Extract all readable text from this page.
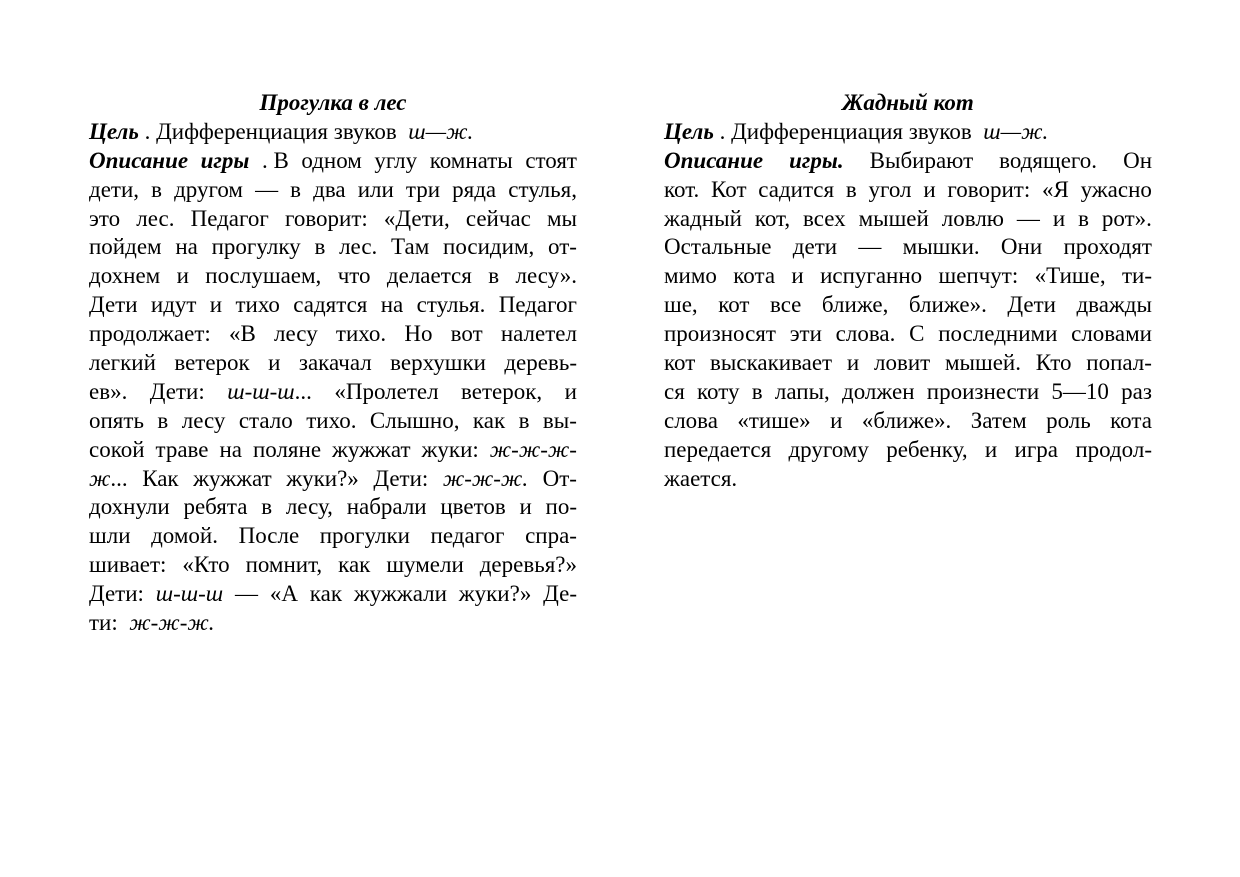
Прогулка в лес

Цель . Дифференциация звуков ш—ж.
Описание игры . В одном углу комнаты стоят
дети, в другом — в два или три ряда стулья,
это лес. Педагог говорит: «Дети, сейчас мы
пойдем на прогулку в лес. Там посидим, от-
дохнем и послушаем, что делается в лесу».
Дети идут и тихо садятся на стулья. Педагог
продолжает: «В лесу тихо. Но вот налетел
легкий ветерок и закачал верхушки деревь-
ев». Дети: ш-ш-ш... «Пролетел ветерок, и
опять в лесу стало тихо. Слышно, как в вы-
сокой траве на поляне жужжат жуки: ж-ж-ж-
ж... Как жужжат жуки?» Дети: ж-ж-ж. От-
дохнули ребята в лесу, набрали цветов и по-
шли домой. После прогулки педагог спра-
шивает: «Кто помнит, как шумели деревья?»
Дети: ш-ш-ш — «А как жужжали жуки?» Де-
ти: ж-ж-ж.

Жадный кот

Цель . Дифференциация звуков ш—ж.
Описание игры. Выбирают водящего. Он
кот. Кот садится в угол и говорит: «Я ужасно
жадный кот, всех мышей ловлю — и в рот».
Остальные дети — мышки. Они проходят
мимо кота и испуганно шепчут: «Тише, ти-
ше, кот все ближе, ближе». Дети дважды
произносят эти слова. С последними словами
кот выскакивает и ловит мышей. Кто попал-
ся коту в лапы, должен произнести 5—10 раз
слова «тише» и «ближе». Затем роль кота
передается другому ребенку, и игра продол-
жается.
